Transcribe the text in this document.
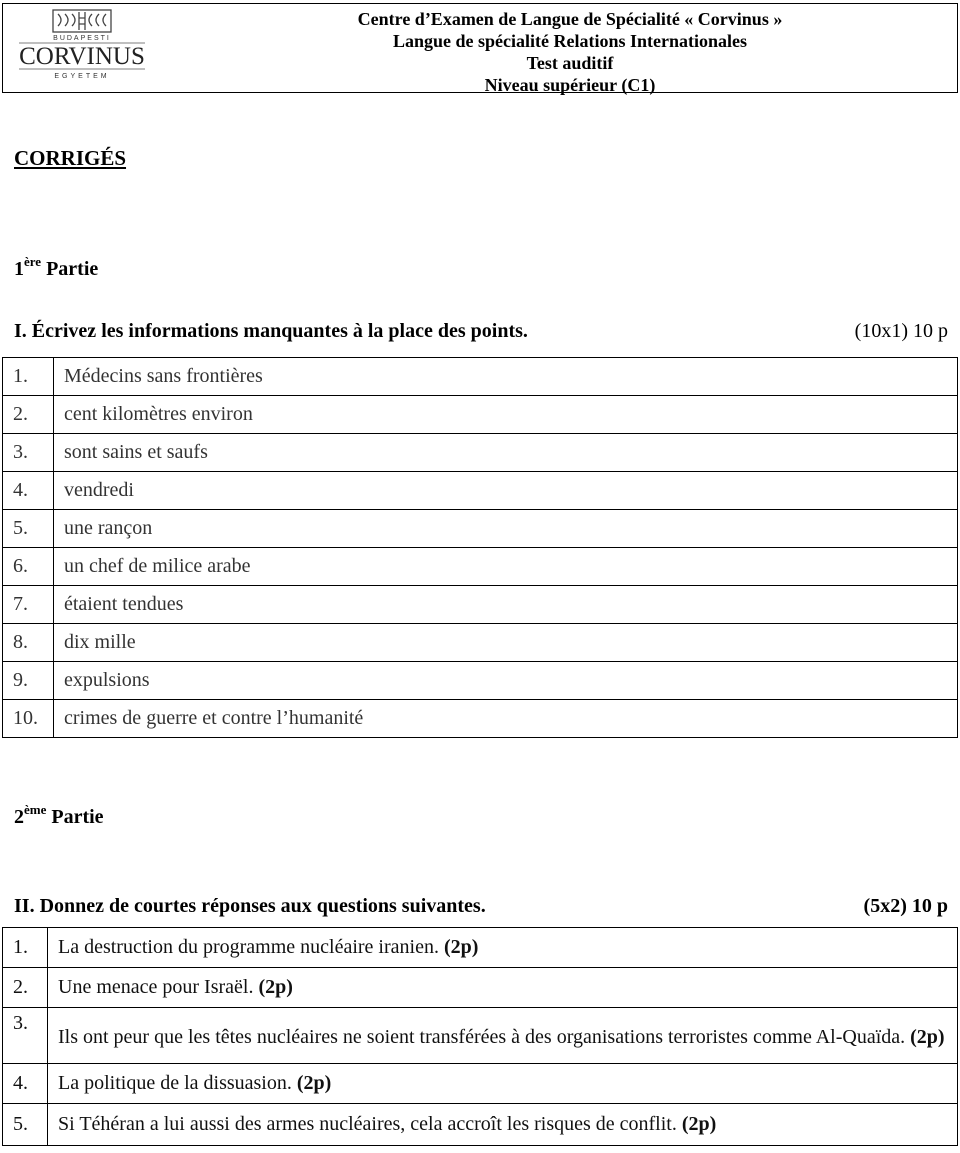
BUDAPESTI
CORVINUS
EGYETEM
Centre d’Examen de Langue de Spécialité « Corvinus »
Langue de spécialité Relations Internationales
Test auditif
Niveau supérieur (C1)
CORRIGÉS
1ère Partie
I. Écrivez les informations manquantes à la place des points.	(10x1) 10 p
1.	Médecins sans frontières
2.	cent kilomètres environ
3.	sont sains et saufs
4.	vendredi
5.	une rançon
6.	un chef de milice arabe
7.	étaient tendues
8.	dix mille
9.	expulsions
10.	crimes de guerre et contre l’humanité
2ème Partie
II. Donnez de courtes réponses aux questions suivantes.	(5x2) 10 p
1.	La destruction du programme nucléaire iranien. (2p)
2.	Une menace pour Israël. (2p)
3.	Ils ont peur que les têtes nucléaires ne soient transférées à des organisations terroristes comme Al-Quaïda. (2p)
4.	La politique de la dissuasion. (2p)
5.	Si Téhéran a lui aussi des armes nucléaires, cela accroît les risques de conflit. (2p)
